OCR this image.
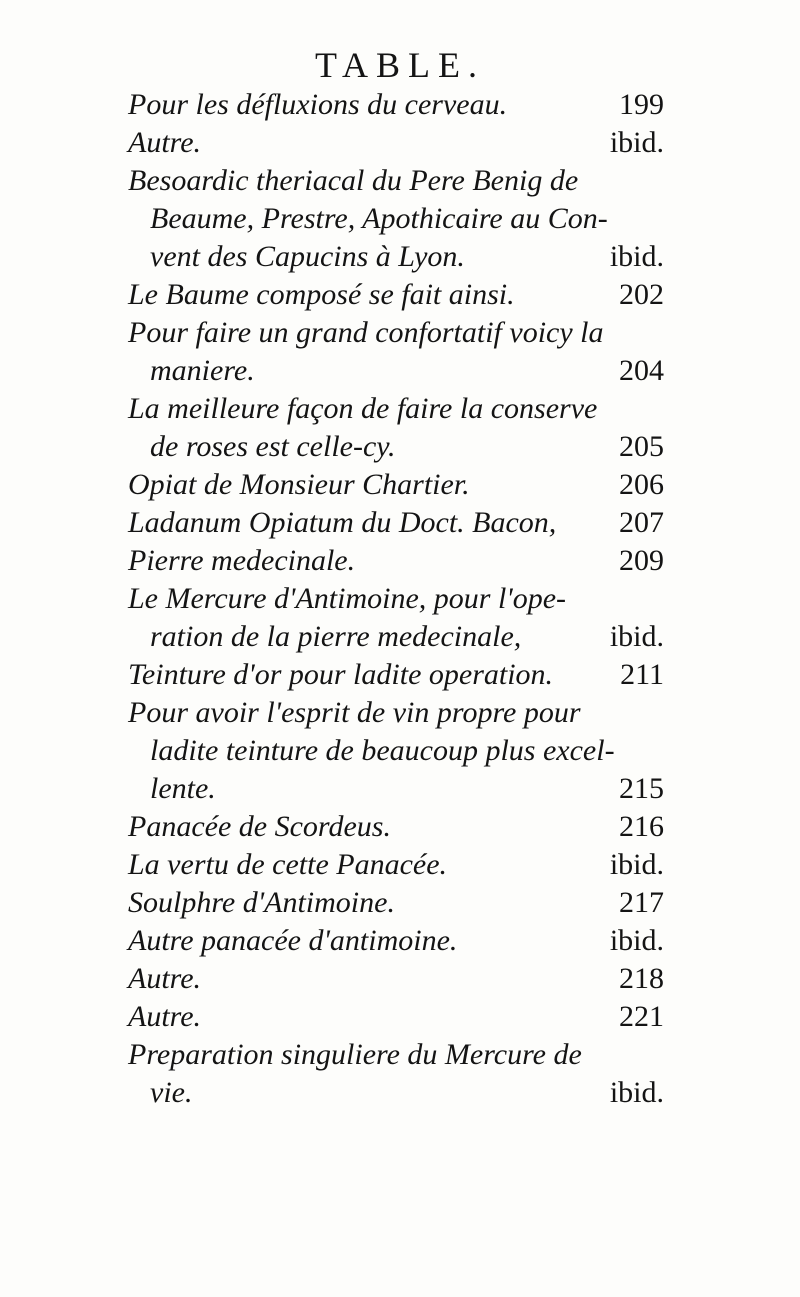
TABLE.
Pour les défluxions du cerveau.	199
Autre.	ibid.
Besoardic theriacal du Pere Benig de
Beaume, Prestre, Apothicaire au Con-
vent des Capucins à Lyon.	ibid.
Le Baume composé se fait ainsi.	202
Pour faire un grand confortatif voicy la
maniere.	204
La meilleure façon de faire la conserve
de roses est celle-cy.	205
Opiat de Monsieur Chartier.	206
Ladanum Opiatum du Doct. Bacon, 207
Pierre medecinale.	209
Le Mercure d'Antimoine, pour l'ope-
ration de la pierre medecinale,	ibid.
Teinture d'or pour ladite operation. 211
Pour avoir l'esprit de vin propre pour
ladite teinture de beaucoup plus excel-
lente.	215
Panacée de Scordeus.	216
La vertu de cette Panacée.	ibid.
Soulphre d'Antimoine.	217
Autre panacée d'antimoine.	ibid.
Autre.	218
Autre.	221
Preparation singuliere du Mercure de
vie.	ibid.
